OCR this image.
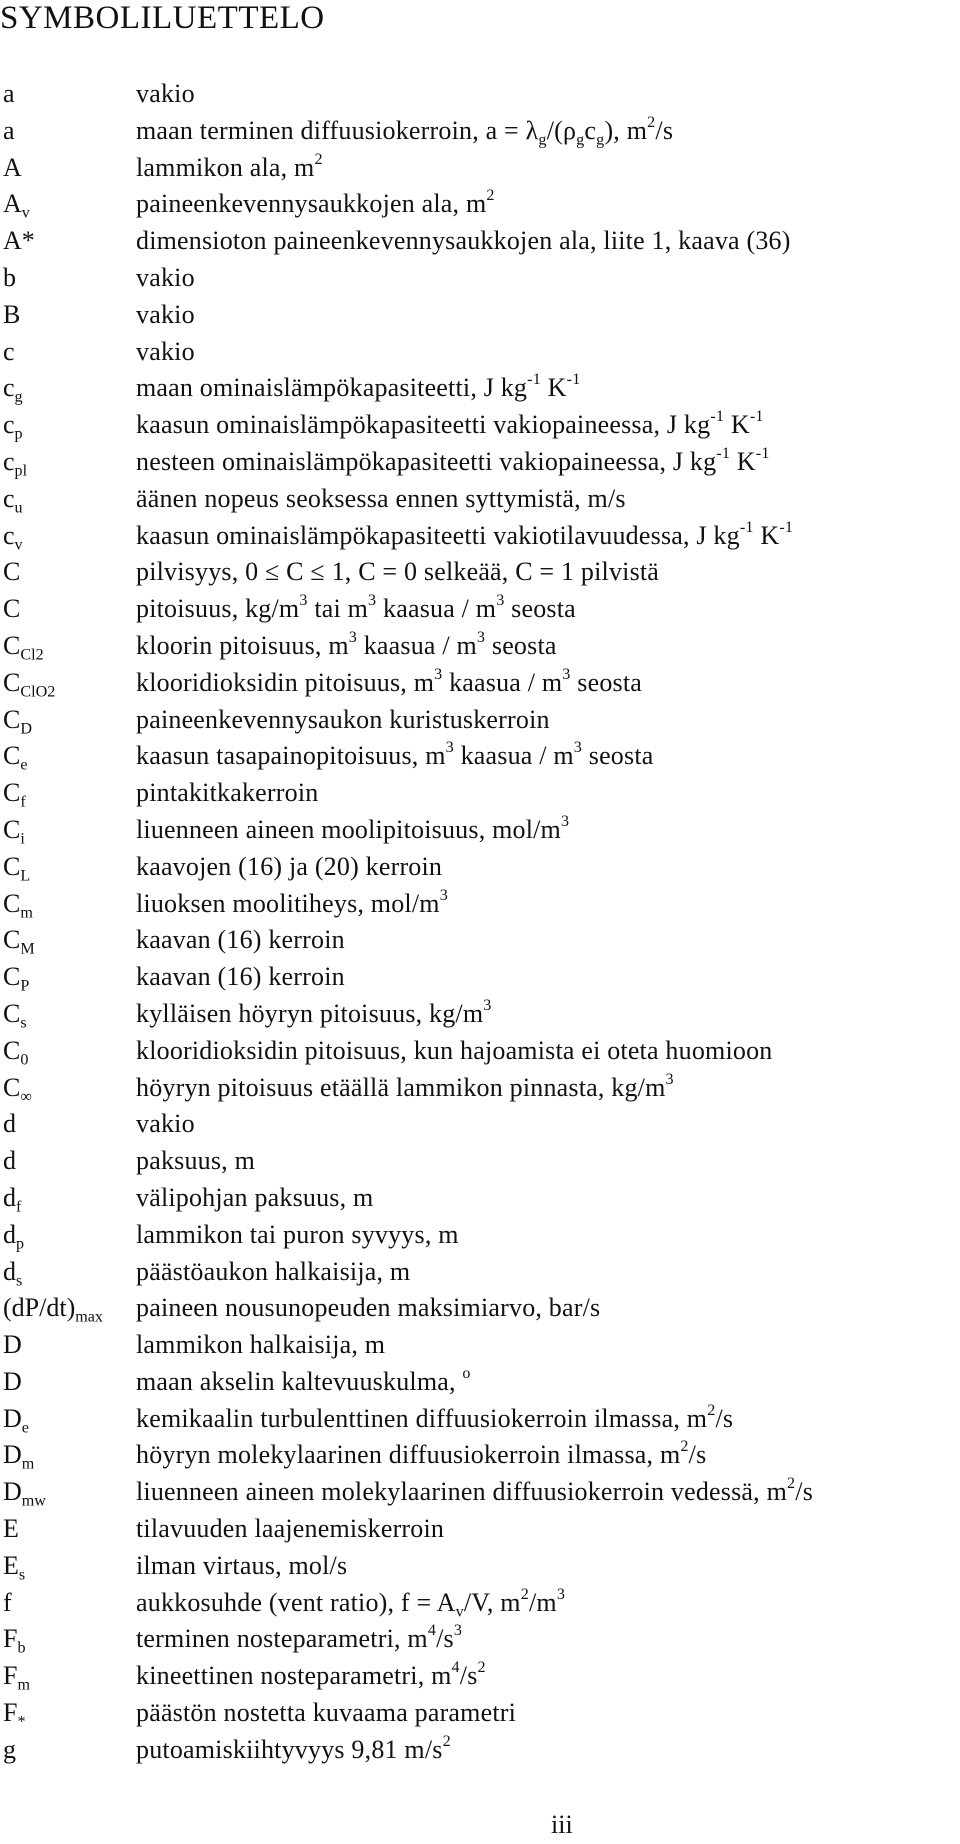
SYMBOLILUETTELO
a	vakio
a	maan terminen diffuusiokerroin, $a = \lambda_g/(\rho_gc_g)$, $m^2/s$
A	lammikon ala, $m^2$
$A_v$	paineenkevennysaukkojen ala, $m^2$
A*	dimensioton paineenkevennysaukkojen ala, liite 1, kaava (36)
b	vakio
B	vakio
c	vakio
$c_g$	maan ominaislämpökapasiteetti, J $kg^{-1}$ $K^{-1}$
$c_p$	kaasun ominaislämpökapasiteetti vakiopaineessa, J $kg^{-1}$ $K^{-1}$
$c_{pl}$	nesteen ominaislämpökapasiteetti vakiopaineessa, J $kg^{-1}$ $K^{-1}$
$c_u$	äänen nopeus seoksessa ennen syttymistä, m/s
$c_v$	kaasun ominaislämpökapasiteetti vakiotilavuudessa, J $kg^{-1}$ $K^{-1}$
C	pilvisyys, 0 ≤ C ≤ 1, C = 0 selkeää, C = 1 pilvistä
C	pitoisuus, $kg/m^3$ tai $m^3$ kaasua / $m^3$ seosta
$C_{Cl2}$	kloorin pitoisuus, $m^3$ kaasua / $m^3$ seosta
$C_{ClO2}$	klooridioksidin pitoisuus, $m^3$ kaasua / $m^3$ seosta
$C_D$	paineenkevennysaukon kuristuskerroin
$C_e$	kaasun tasapainopitoisuus, $m^3$ kaasua / $m^3$ seosta
$C_f$	pintakitkakerroin
$C_i$	liuenneen aineen moolipitoisuus, mol/$m^3$
$C_L$	kaavojen (16) ja (20) kerroin
$C_m$	liuoksen moolitiheys, mol/$m^3$
$C_M$	kaavan (16) kerroin
$C_P$	kaavan (16) kerroin
$C_s$	kylläisen höyryn pitoisuus, $kg/m^3$
$C_0$	klooridioksidin pitoisuus, kun hajoamista ei oteta huomioon
$C_\infty$	höyryn pitoisuus etäällä lammikon pinnasta, $kg/m^3$
d	vakio
d	paksuus, m
$d_f$	välipohjan paksuus, m
$d_p$	lammikon tai puron syvyys, m
$d_s$	päästöaukon halkaisija, m
$(dP/dt)_{max}$ paineen nousunopeuden maksimiarvo, bar/s
D	lammikon halkaisija, m
D	maan akselin kaltevuuskulma, $^o$
$D_e$	kemikaalin turbulenttinen diffuusiokerroin ilmassa, $m^2/s$
$D_m$	höyryn molekylaarinen diffuusiokerroin ilmassa, $m^2/s$
$D_{mw}$	liuenneen aineen molekylaarinen diffuusiokerroin vedessä, $m^2/s$
E	tilavuuden laajenemiskerroin
$E_s$	ilman virtaus, mol/s
f	aukkosuhde (vent ratio), $f = A_v/V$, $m^2/m^3$
$F_b$	terminen nosteparametri, $m^4/s^3$
$F_m$	kineettinen nosteparametri, $m^4/s^2$
$F_*$	päästön nostetta kuvaama parametri
g	putoamiskiihtyvyys 9,81 $m/s^2$
iii
